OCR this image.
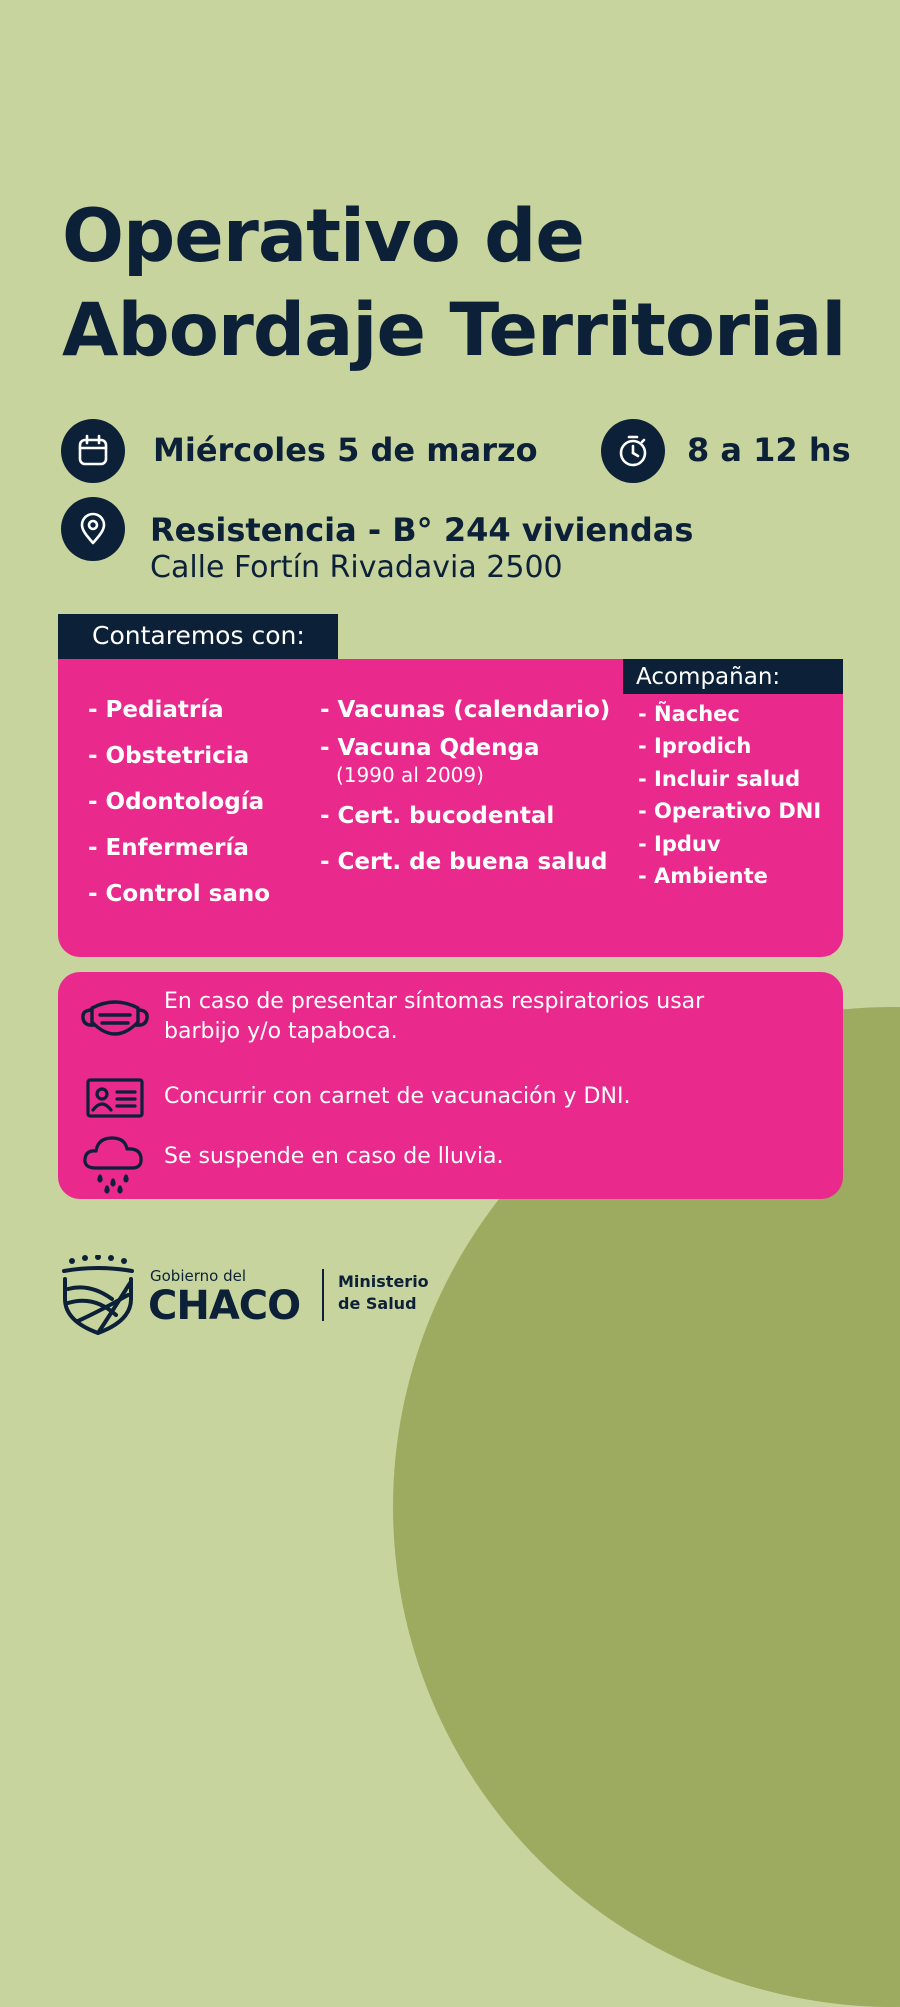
Operativo de
Abordaje Territorial
Miércoles 5 de marzo	8 a 12 hs
Resistencia - B° 244 viviendas
Calle Fortín Rivadavia 2500
Contaremos con:
- Pediatría
- Obstetricia
- Odontología
- Enfermería
- Control sano
- Vacunas (calendario)
- Vacuna Qdenga
(1990 al 2009)
- Cert. bucodental
- Cert. de buena salud
- Ñachec
- Iprodich
- Incluir salud
- Operativo DNI
- Ipduv
- Ambiente
Acompañan:
En caso de presentar síntomas respiratorios usar barbijo y/o tapaboca.
Concurrir con carnet de vacunación y DNI.
Se suspende en caso de lluvia.
Gobierno del
CHACO
Ministerio
de Salud
